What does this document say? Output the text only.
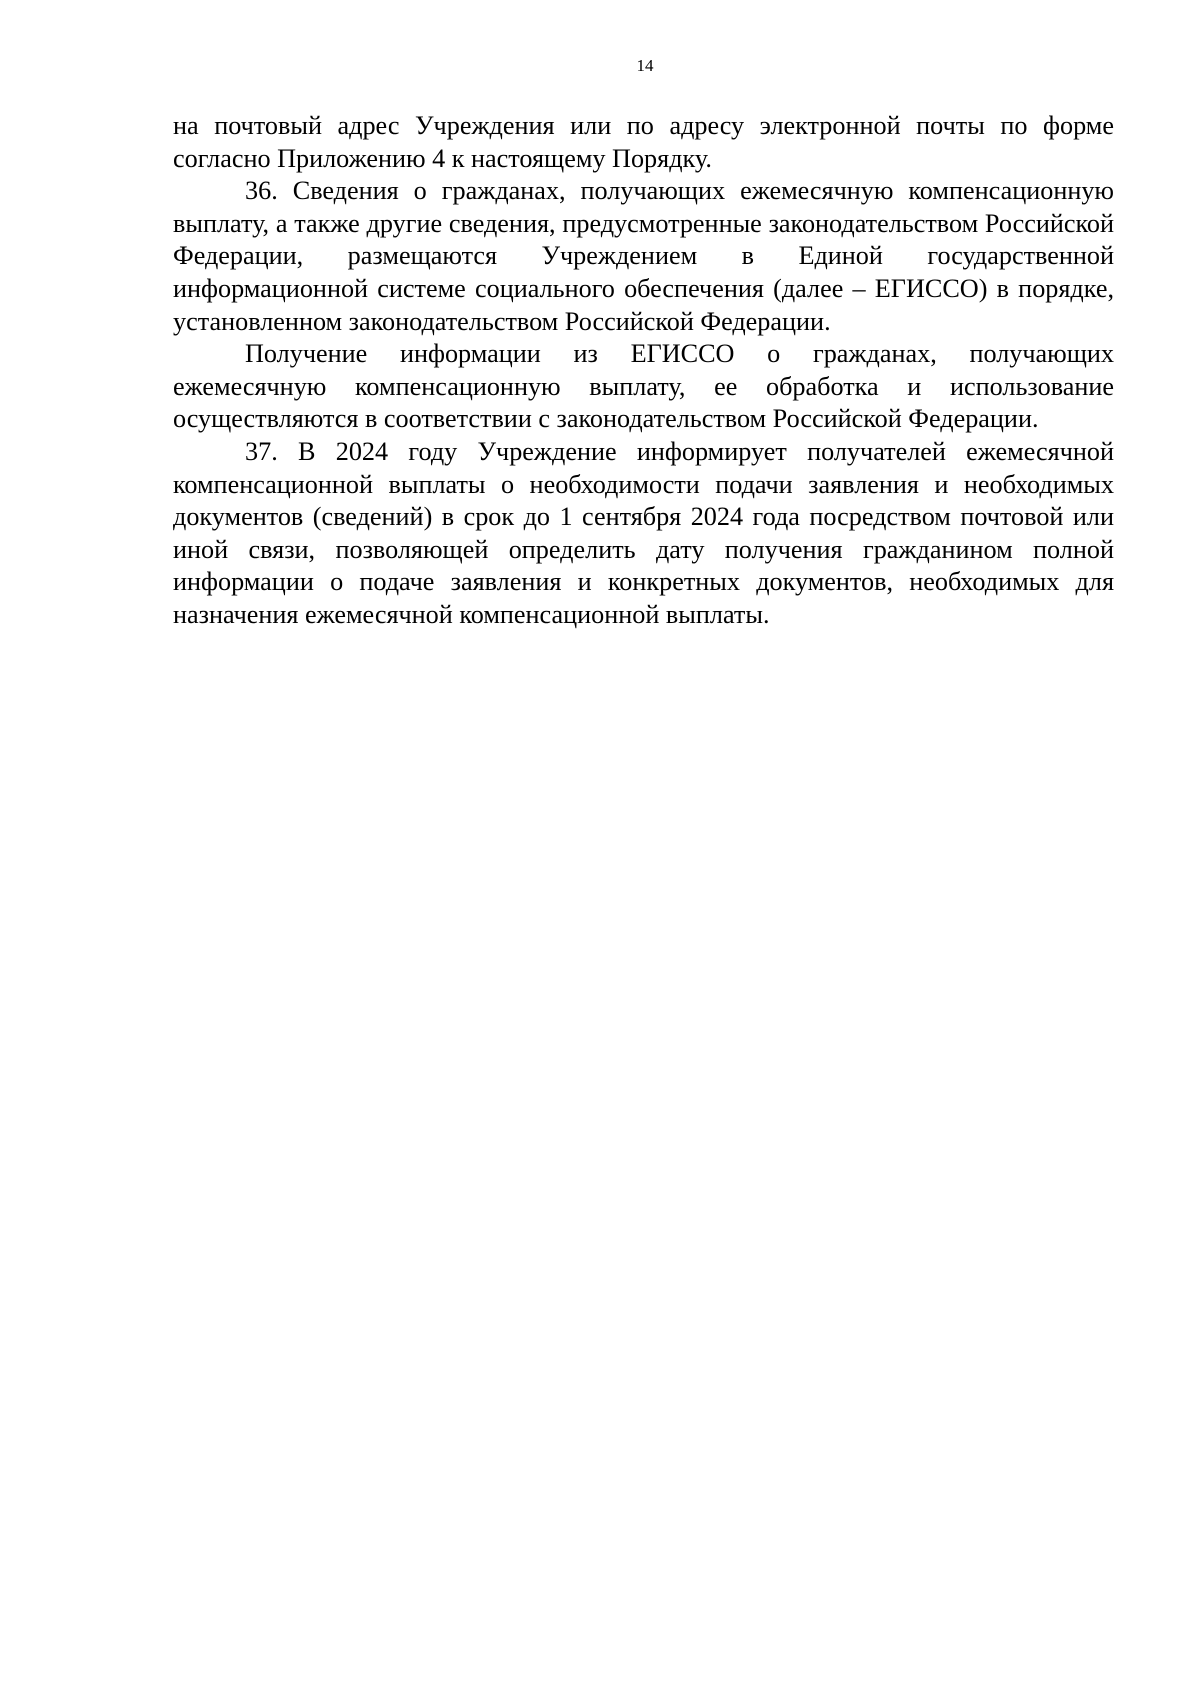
14

на почтовый адрес Учреждения или по адресу электронной почты по форме согласно Приложению 4 к настоящему Порядку.

36. Сведения о гражданах, получающих ежемесячную компенсационную выплату, а также другие сведения, предусмотренные законодательством Российской Федерации, размещаются Учреждением в Единой государственной информационной системе социального обеспечения (далее – ЕГИССО) в порядке, установленном законодательством Российской Федерации.

Получение информации из ЕГИССО о гражданах, получающих ежемесячную компенсационную выплату, ее обработка и использование осуществляются в соответствии с законодательством Российской Федерации.

37. В 2024 году Учреждение информирует получателей ежемесячной компенсационной выплаты о необходимости подачи заявления и необходимых документов (сведений) в срок до 1 сентября 2024 года посредством почтовой или иной связи, позволяющей определить дату получения гражданином полной информации о подаче заявления и конкретных документов, необходимых для назначения ежемесячной компенсационной выплаты.
